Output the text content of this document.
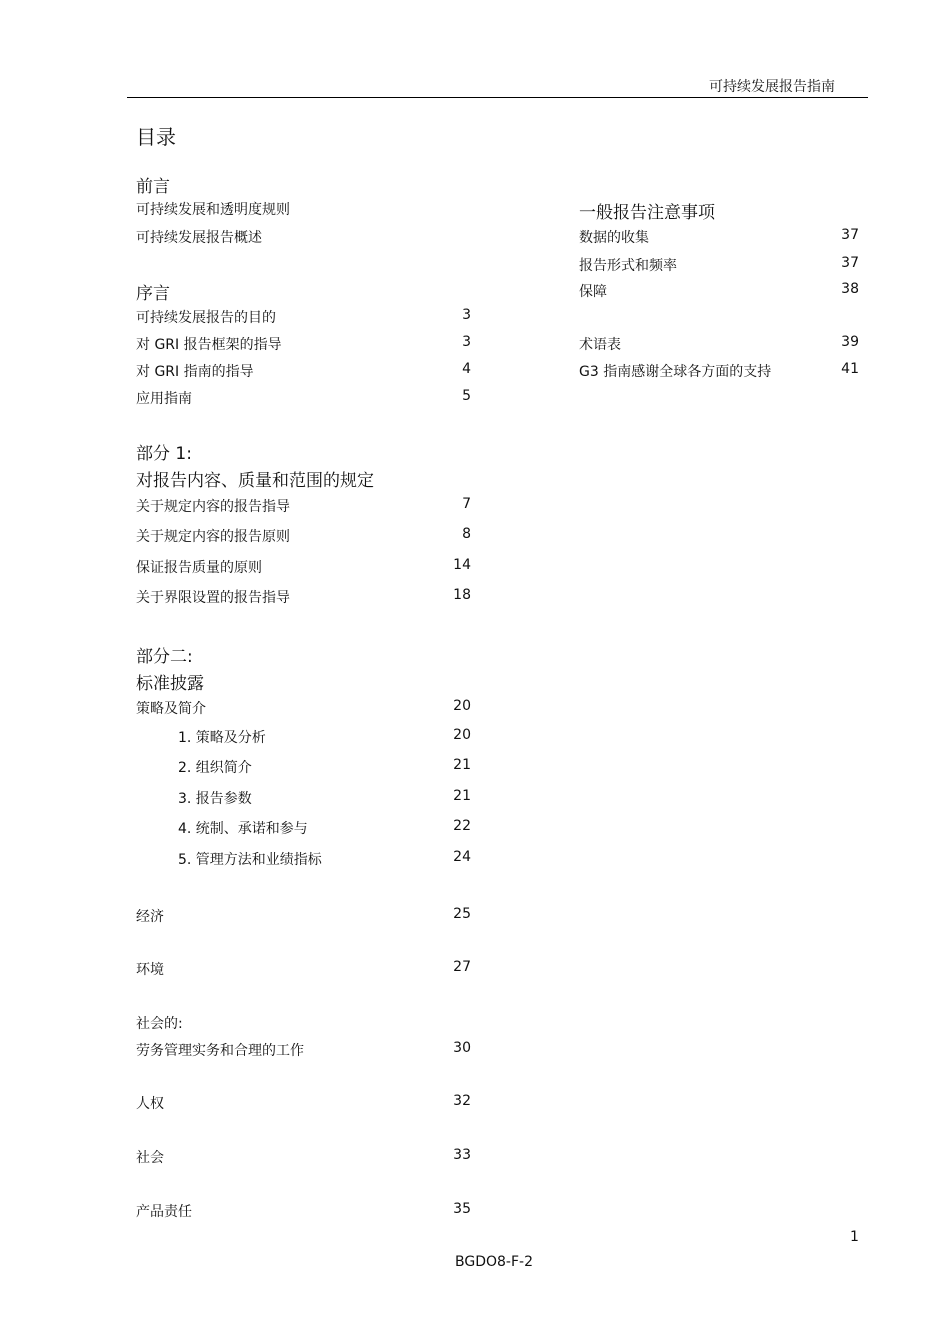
可持续发展报告指南
目录
前言
可持续发展和透明度规则
可持续发展报告概述
序言
可持续发展报告的目的	3
对 GRI 报告框架的指导	3
对 GRI 指南的指导	4
应用指南	5
部分 1:
对报告内容、质量和范围的规定
关于规定内容的报告指导	7
关于规定内容的报告原则	8
保证报告质量的原则	14
关于界限设置的报告指导	18
部分二:
标准披露
策略及简介	20
1. 策略及分析	20
2. 组织简介	21
3. 报告参数	21
4. 统制、承诺和参与	22
5. 管理方法和业绩指标	24
经济	25
环境	27
社会的:
劳务管理实务和合理的工作	30
人权	32
社会	33
产品责任	35
一般报告注意事项
数据的收集	37
报告形式和频率	37
保障	38
术语表	39
G3 指南感谢全球各方面的支持	41
1
BGDO8-F-2
